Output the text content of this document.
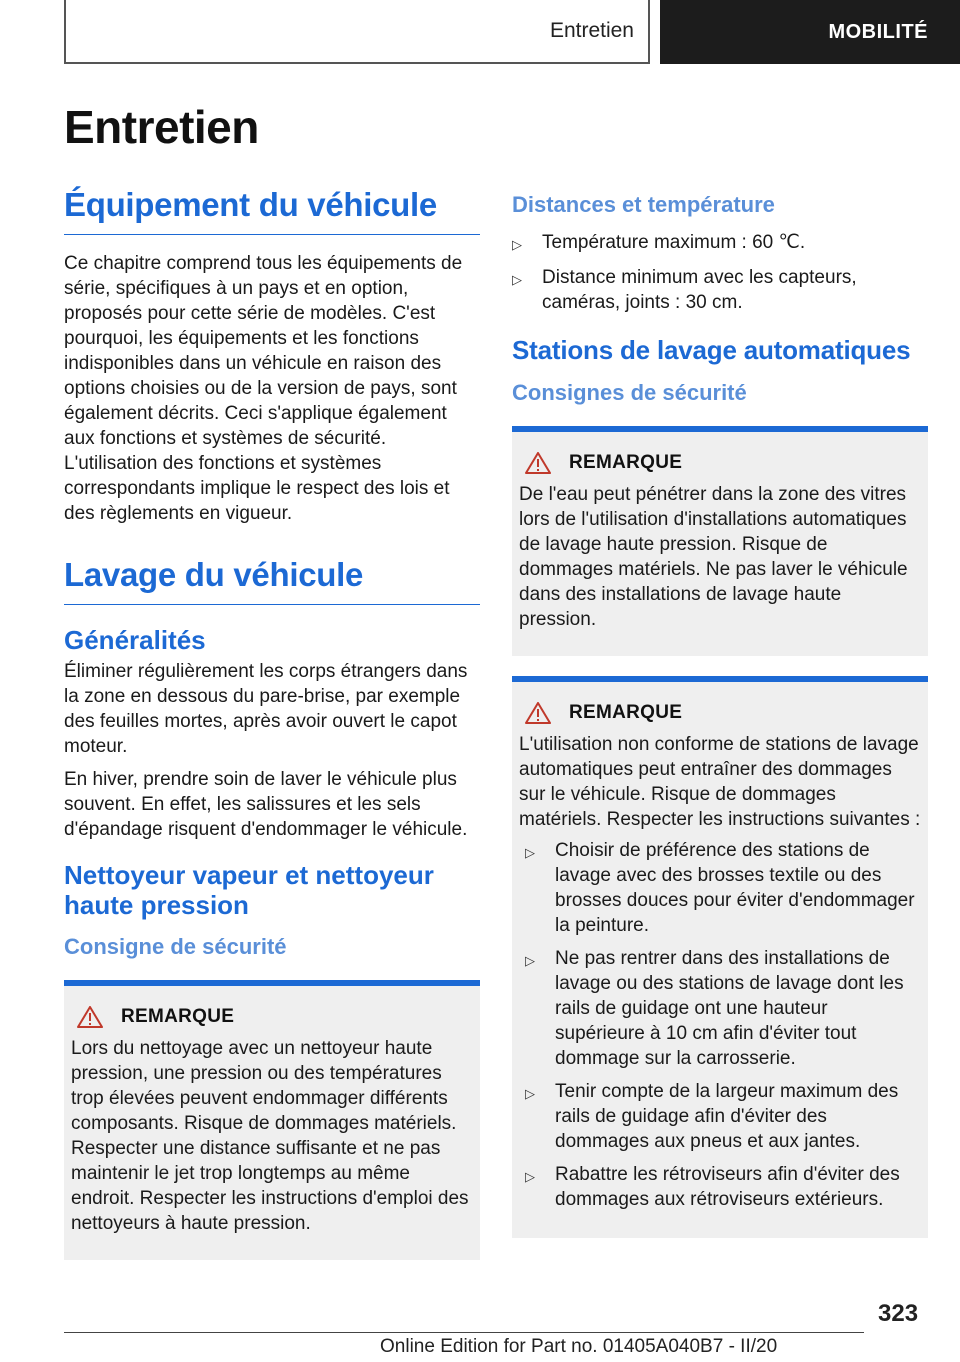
Entretien	MOBILITÉ
Entretien
Équipement du véhicule

Ce chapitre comprend tous les équipements de série, spécifiques à un pays et en option, proposés pour cette série de modèles. C'est pourquoi, les équipements et les fonctions indisponibles dans un véhicule en raison des options choisies ou de la version de pays, sont également décrits. Ceci s'applique également aux fonctions et systèmes de sécurité. L'utilisation des fonctions et systèmes correspondants implique le respect des lois et des règlements en vigueur.

Lavage du véhicule
Généralités

Éliminer régulièrement les corps étrangers dans la zone en dessous du pare-brise, par exemple des feuilles mortes, après avoir ouvert le capot moteur.

En hiver, prendre soin de laver le véhicule plus souvent. En effet, les salissures et les sels d'épandage risquent d'endommager le véhicule.

Nettoyeur vapeur et nettoyeur haute pression
Consigne de sécurité
REMARQUE

Lors du nettoyage avec un nettoyeur haute pression, une pression ou des températures trop élevées peuvent endommager différents composants. Risque de dommages matériels. Respecter une distance suffisante et ne pas maintenir le jet trop longtemps au même endroit. Respecter les instructions d'emploi des nettoyeurs à haute pression.

Distances et température
▷	Température maximum : 60 ℃.
▷	Distance minimum avec les capteurs, caméras, joints : 30 cm.
Stations de lavage automatiques
Consignes de sécurité
REMARQUE

De l'eau peut pénétrer dans la zone des vitres lors de l'utilisation d'installations automatiques de lavage haute pression. Risque de dommages matériels. Ne pas laver le véhicule dans des installations de lavage haute pression.

REMARQUE

L'utilisation non conforme de stations de lavage automatiques peut entraîner des dommages sur le véhicule. Risque de dommages matériels. Respecter les instructions suivantes :

▷	Choisir de préférence des stations de lavage avec des brosses textile ou des brosses douces pour éviter d'endommager la peinture.
▷	Ne pas rentrer dans des installations de lavage ou des stations de lavage dont les rails de guidage ont une hauteur supérieure à 10 cm afin d'éviter tout dommage sur la carrosserie.
▷	Tenir compte de la largeur maximum des rails de guidage afin d'éviter des dommages aux pneus et aux jantes.
▷	Rabattre les rétroviseurs afin d'éviter des dommages aux rétroviseurs extérieurs.
323
Online Edition for Part no. 01405A040B7 - II/20
